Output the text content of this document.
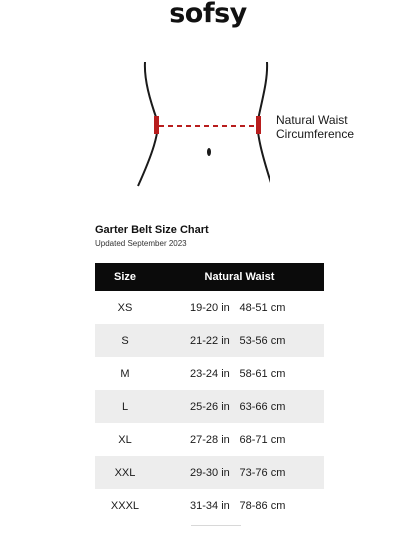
sofsy
Natural Waist
Circumference
Garter Belt Size Chart
Updated September 2023
Size	Natural Waist	
XS	19-20 in	48-51 cm
S	21-22 in	53-56 cm
M	23-24 in	58-61 cm
L	25-26 in	63-66 cm
XL	27-28 in	68-71 cm
XXL	29-30 in	73-76 cm
XXXL	31-34 in	78-86 cm
